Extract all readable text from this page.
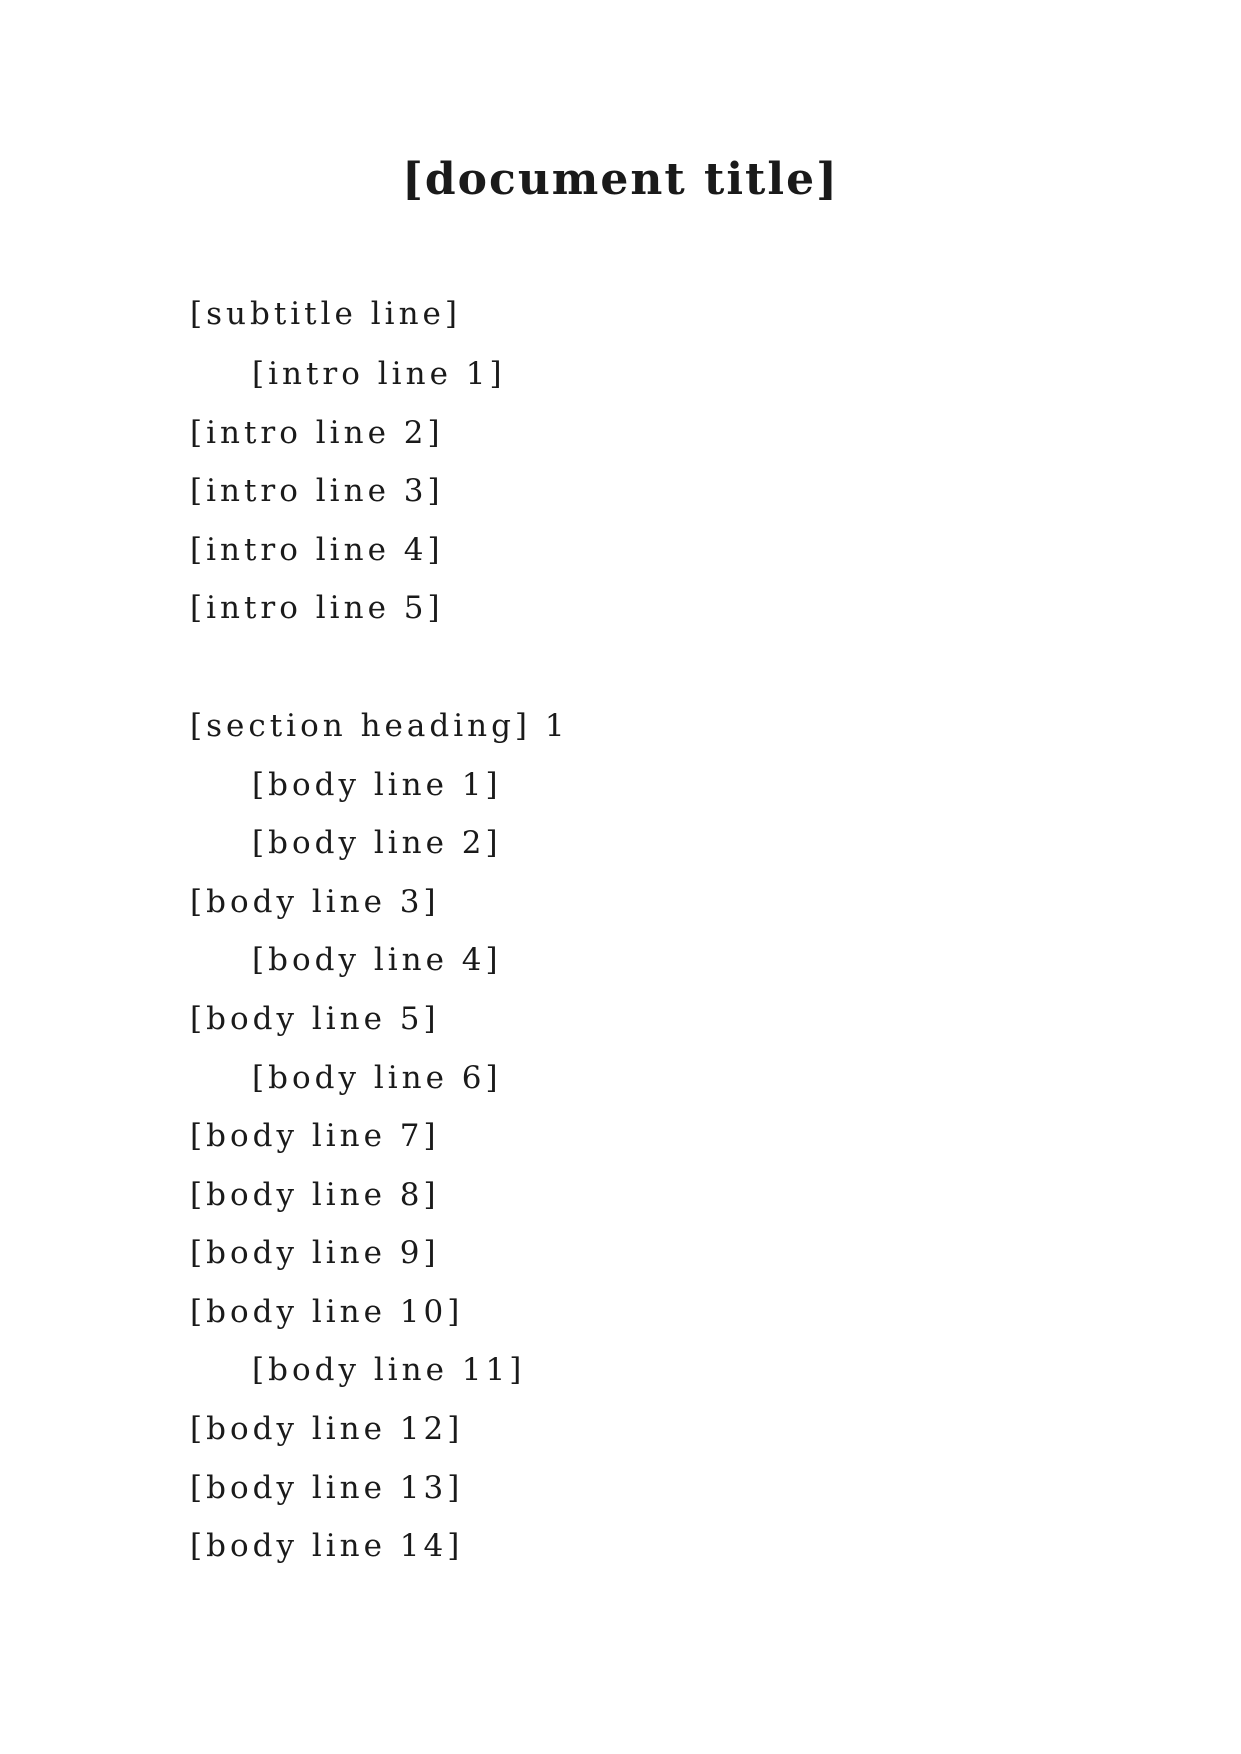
[document title]
[subtitle line]
[intro line 1]
[intro line 2]
[intro line 3]
[intro line 4]
[intro line 5]
[section heading] 1
[body line 1]
[body line 2]
[body line 3]
[body line 4]
[body line 5]
[body line 6]
[body line 7]
[body line 8]
[body line 9]
[body line 10]
[body line 11]
[body line 12]
[body line 13]
[body line 14]
